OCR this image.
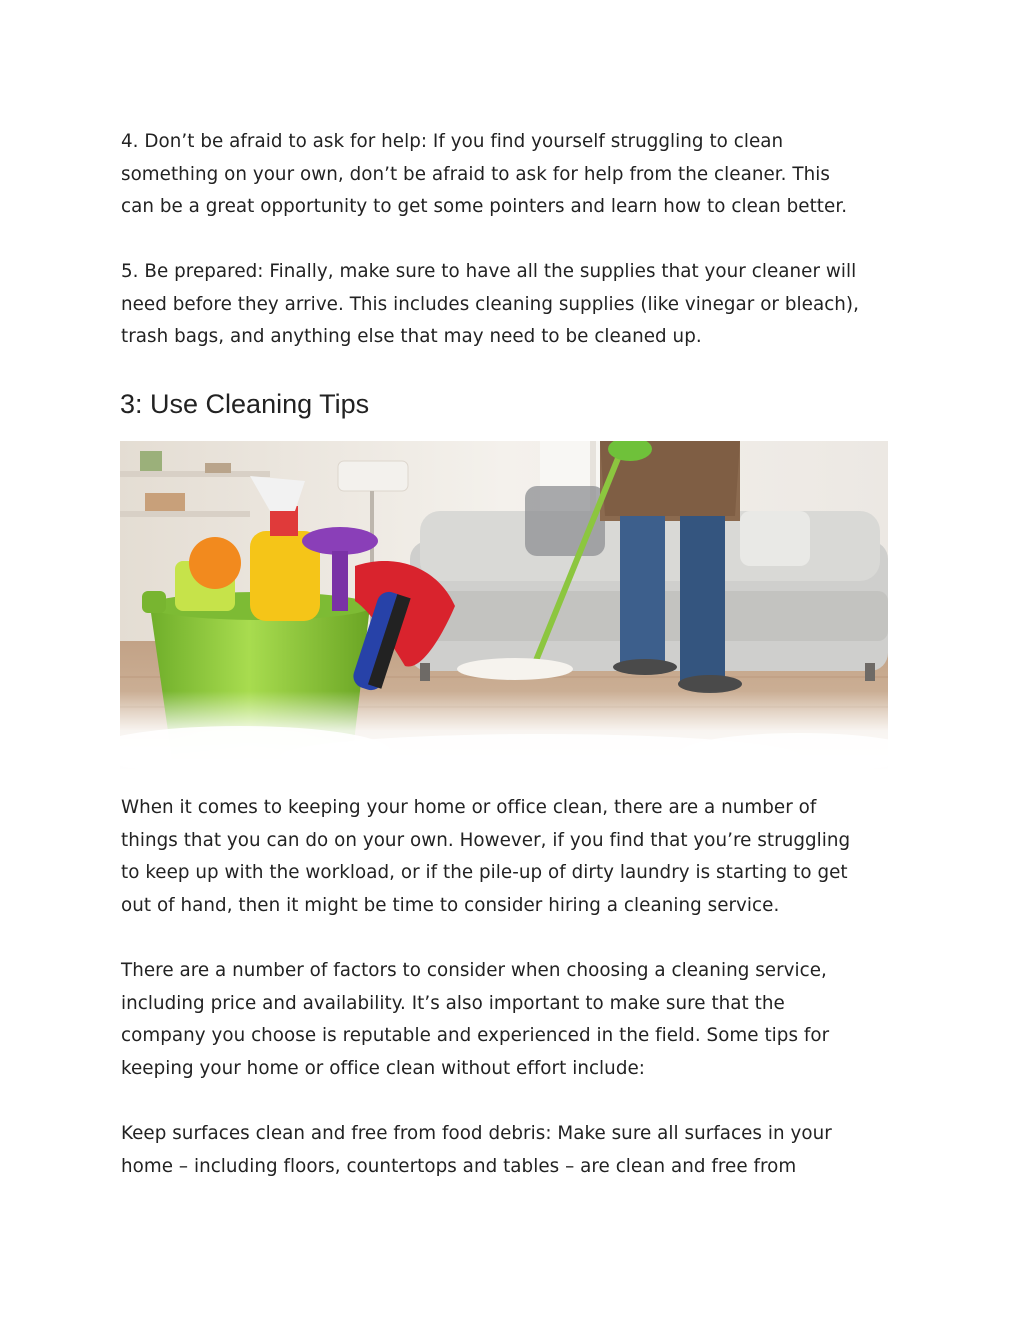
4. Don’t be afraid to ask for help: If you find yourself struggling to clean
something on your own, don’t be afraid to ask for help from the cleaner. This
can be a great opportunity to get some pointers and learn how to clean better.

5. Be prepared: Finally, make sure to have all the supplies that your cleaner will
need before they arrive. This includes cleaning supplies (like vinegar or bleach),
trash bags, and anything else that may need to be cleaned up.

3: Use Cleaning Tips

When it comes to keeping your home or office clean, there are a number of
things that you can do on your own. However, if you find that you’re struggling
to keep up with the workload, or if the pile-up of dirty laundry is starting to get
out of hand, then it might be time to consider hiring a cleaning service.

There are a number of factors to consider when choosing a cleaning service,
including price and availability. It’s also important to make sure that the
company you choose is reputable and experienced in the field. Some tips for
keeping your home or office clean without effort include:

Keep surfaces clean and free from food debris: Make sure all surfaces in your
home – including floors, countertops and tables – are clean and free from
